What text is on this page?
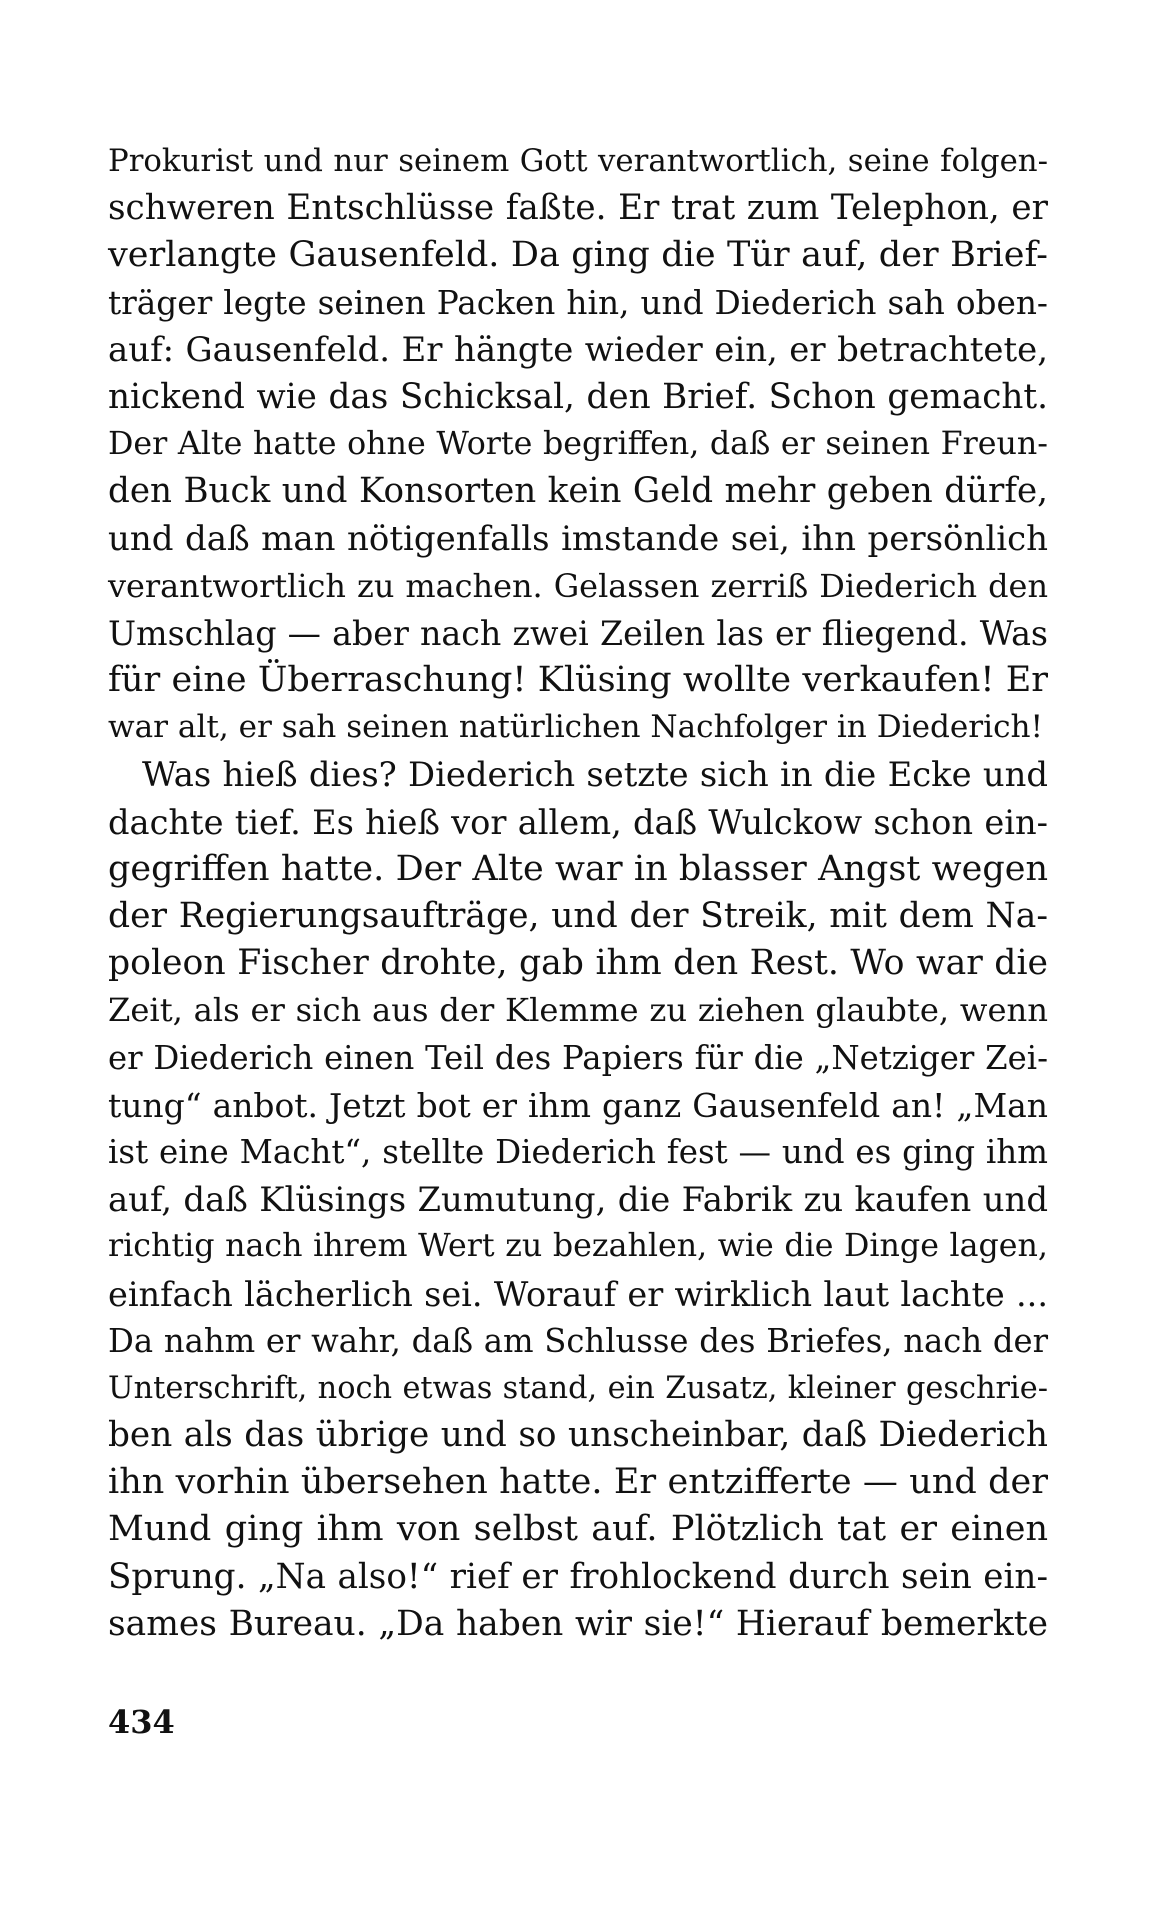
Prokurist und nur seinem Gott verantwortlich, seine folgen-
schweren Entschlüsse faßte. Er trat zum Telephon, er
verlangte Gausenfeld. Da ging die Tür auf, der Brief-
träger legte seinen Packen hin, und Diederich sah oben-
auf: Gausenfeld. Er hängte wieder ein, er betrachtete,
nickend wie das Schicksal, den Brief. Schon gemacht.
Der Alte hatte ohne Worte begriffen, daß er seinen Freun-
den Buck und Konsorten kein Geld mehr geben dürfe,
und daß man nötigenfalls imstande sei, ihn persönlich
verantwortlich zu machen. Gelassen zerriß Diederich den
Umschlag — aber nach zwei Zeilen las er fliegend. Was
für eine Überraschung! Klüsing wollte verkaufen! Er
war alt, er sah seinen natürlichen Nachfolger in Diederich!
Was hieß dies? Diederich setzte sich in die Ecke und
dachte tief. Es hieß vor allem, daß Wulckow schon ein-
gegriffen hatte. Der Alte war in blasser Angst wegen
der Regierungsaufträge, und der Streik, mit dem Na-
poleon Fischer drohte, gab ihm den Rest. Wo war die
Zeit, als er sich aus der Klemme zu ziehen glaubte, wenn
er Diederich einen Teil des Papiers für die „Netziger Zei-
tung“ anbot. Jetzt bot er ihm ganz Gausenfeld an! „Man
ist eine Macht“, stellte Diederich fest — und es ging ihm
auf, daß Klüsings Zumutung, die Fabrik zu kaufen und
richtig nach ihrem Wert zu bezahlen, wie die Dinge lagen,
einfach lächerlich sei. Worauf er wirklich laut lachte ...
Da nahm er wahr, daß am Schlusse des Briefes, nach der
Unterschrift, noch etwas stand, ein Zusatz, kleiner geschrie-
ben als das übrige und so unscheinbar, daß Diederich
ihn vorhin übersehen hatte. Er entzifferte — und der
Mund ging ihm von selbst auf. Plötzlich tat er einen
Sprung. „Na also!“ rief er frohlockend durch sein ein-
sames Bureau. „Da haben wir sie!“ Hierauf bemerkte
434
